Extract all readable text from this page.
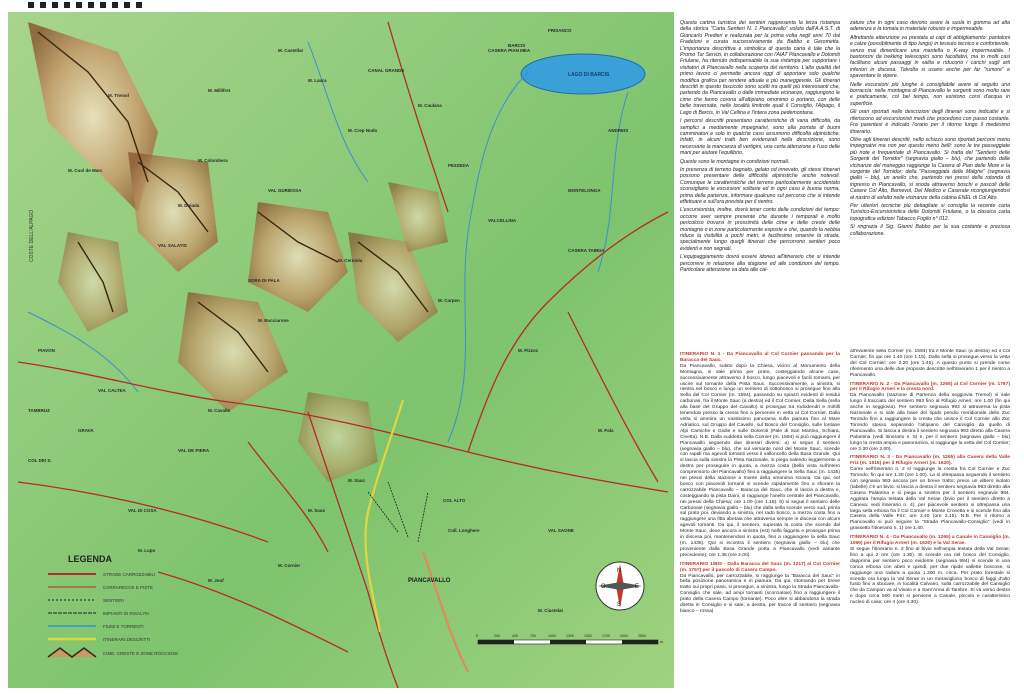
LAGO DI BARCIS
BARCIS
PIANCAVALLO
COL ALTO
ANDREIS
FRISANCO
PEZZEDA
PIAVON
TAMBRUZ
VALCELLINA
MONTELONGA
VAL SALATIS
VAL CALTEA
Coll. Longhere
M. Cavallo
M. Tremol
M. Castellat
M. Cornier
M. Saus
M. Colombera
M. Millifret
M. Laura
M. Caulana
M. Carpen
M. Pizzoc
M. Crep Nudo
M. Cuol de Marc
M. Ciastelat
M. Jouf
M. Lupo
M. Cerniola
M. Dolada
M. Bucciarone
M. Pala
M. Sauc
VAL DI COSA
VAL DE PIERA
CASERA TABEIA
VAL GURIESSA
CANAL GRANDE
SORA DI PALA
CASERA PIAN MEA
VAL SAONE
COL DEI S.
GRAVA
COSTE DELL'ALPAGO
LEGENDA
STRADE CARROZZABILI
CARRARECCE E PISTE
SENTIERI
IMPIANTI DI RISALITA
FIUMI E TORRENTI
ITINERARI DESCRITTI
CIME, CRESTE E ZONE ROCCIOSE
N
S
E
O
0	200	400	700	1000	1300	1500	1700	2000	2500
m.

Questa cartina turistica dei sentieri rappresenta la terza ristampa della storica "Carta Sentieri N. 1 Piancavallo" voluta dall'A.A.S.T. di Giancarlo Predieri e realizzata per la prima volta negli anni 70 dal Fradeloni e curata successivamente da Babbo e Gerometta. L'importanza descrittiva e simbolica di questa carta è tale che la Promo Tur Servizi, in collaborazione con l'AIAT Piancavallo e Dolomiti Friulane, ha ritenuto indispensabile la sua ristampa per supportare i visitatori di Piancavallo nella scoperta del territorio. L'alta qualità del primo lavoro ci permette ancora oggi di apportare solo qualche modifica grafica per rendere attuale e più maneggevole. Gli itinerari descritti in questo fascicolo sono scelti tra quelli più interessanti che, partendo da Piancavallo o dalle immediate vicinanze, raggiungono le cime che fanno corona all'altipiano omonimo o portano, con delle belle traversate, nelle località limitrofe quali il Consiglio, l'Alpago, il Lago di Barcis, in Val Cellina e l'intera zona pedemontana.

I percorsi descritti presentano caratteristiche di varia difficoltà, da semplici a mediamente impegnativi, sono alla portata di buoni camminatori e solo in qualche caso assumono difficoltà alpinistiche. Infatti, in alcuni tratti ben evidenziati nella descrizione, sono necessarie la mancanza di vertigini, una certa attenzione e l'uso delle mani per aiutare l'equilibrio.

Queste sono le montagne in condizioni normali.

In presenza di terreno bagnato, gelato od innevato, gli stessi itinerari possono presentare delle difficoltà alpinistiche anche notevoli. Comunque le caratteristiche del terreno particolarmente accidentato sconsigliano le escursioni solitarie ed in ogni caso è buona norma, prima della partenza, informare qualcuno sul percorso che si intende effettuare e sull'ora prevista per il rientro.

L'escursionista, inoltre, dovrà tener conto delle condizioni del tempo: occorre aver sempre presente che durante i temporali è molto pericoloso trovarsi in prossimità delle cime e delle creste delle montagne o in zone particolarmente esposte e che, quando la nebbia riduce la visibilità a pochi metri, è facilissimo smarrire la strada, specialmente lungo quegli itinerari che percorrono sentieri poco evidenti e non segnati.

L'equipaggiamento dovrà essere idoneo all'itinerario che si intende percorrere in relazione alla stagione ed alle condizioni del tempo. Particolare attenzione va data alle cal-

zature che in ogni caso devono avere la suola in gomma ad alta aderenza e la tomaia in materiale robusto e impermeabile.

Altrettanta attenzione va prestata ai capi di abbigliamento: pantaloni e calze (possibilmente di tipo lungo) in tessuto tecnico e confortevole, senza mai dimenticare una mantella o K-way impermeabile. I bastoncini da trekking telescopici sono facoltativi, ma in molti casi facilitano alcuni passaggi in salita e riducono i carichi sugli arti inferiori in discesa. Talvolta si usano anche per far "rumore" e spaventare le vipere.

Nelle escursioni più lunghe è consigliabile avere al seguito una borraccia: nella montagna di Piancavallo le sorgenti sono molto rare e praticamente, col bel tempo, non esistono corsi d'acqua in superficie.

Gli orari riportati nelle descrizioni degli itinerari sono indicativi e si riferiscono ad escursionisti medi che procedono con passo costante. Fra parentesi è indicato l'orario per il ritorno lungo il medesimo itinerario.

Oltre agli itinerari descritti, nello schizzo sono riportati percorsi meno impegnativi ma non per questo meno belli: sono le tre passeggiate più note e frequentate di Piancavallo. Si tratta del "Sentiero delle Sorgenti del Tornidor" (segnavia giallo – blu), che partendo dalle vicinanze del maneggio raggiunge la Casera di Pian delle More e la sorgente del Tornidor; della "Passeggiata delle Malghe" (segnavia giallo – blu), un anello che, partendo nei pressi della rotonda di ingresso in Piancavallo, si snoda attraverso boschi e pascoli delle Casere Col Alto, Barnevol, Del Medico e Caserate ricongiungendosi al nastro di asfalto nelle vicinanze della cabina ENEL di Col Alto.

Per ulteriori tecniche più dettagliate si consiglia la recente carta Turistico-Escursionistica delle Dolomiti Friulane, o la classica carta topografica edizioni Tabacco Foglio n° 012.

Si ringrazia il Sig. Gianni Babbo per la sua costante e preziosa collaborazione.

ITINERARIO N. 1 - Da Piancavallo al Col Cornier passando per la Baracca del Sauc.

Da Piancavallo, subito dopo la Chiesa, vicino al Monumento della Montagna, si sale prima per prato, costeggiando alcune case, successivamente attraverso il bosco, lungo piacevoli e facili tornanti, per uscire sul tornante della Pista Sauc. Successivamente, a sinistra, si rientra nel bosco e lungo un sentiero di sottobosco si prosegue fino alla Sella del Col Cornier (m. 1594), passando su spiazzi evidenti di residui carbonari, fra il Monte Sauc (a destra) ed il Col Cornier. Dalla Sella (sella alla base del Gruppo del Cavallo) si prosegue tra rododendri e mirtilli tenendosi presso la cresta fino a pervenire in vetta al Col Cornier. Dalla vetta si ammira un vastissimo panorama sulla pianura fino al Mare Adriatico, sul Gruppo del Cavallo, sul Bosco del Consiglio, sulle lontane Alpi Carniche e Giulie e sulle Dolomiti (Pale di San Martino, Schiara, Civetta). N.B. Dalla suddetta sella Cornier (m. 1594) si può raggiungere il Piancavallo seguendo due itinerari diversi: a) si segue il sentiero (segnavia giallo – blu), che sul versante nord del Monte Sauc, scende con rapidi ma agevoli tornanti verso il valloncello della Busa Grande. Qui si lascia sulla sinistra la Pista Nazionale, si piega salendo leggermente a destra per proseguire in quota, a mezza costa (bella vista sull'intero comprensorio del Piancavallo) fino a raggiungere la Sella Sauc (m. 1435) nei pressi della stazione a monte della omonima sciovia. Da qui, nel bosco con piacevoli tornanti si scende rapidamente fino a sfiorare la carrozzabile Piancavallo – Baracca del Sauc, che si lascia a destra e, costeggiando la pista Daini, si raggiunge l'anello centrale del Piancavallo, nei pressi della Chiesa; ore 1.00 (ore 1.15). b) si segue il sentiero delle Carbonaie (segnavia giallo – blu) che dalla sella scende verso sud, prima sul prato poi, deviando a sinistra, nel rado bosco, a mezza costa fino a raggiungere una fitta abetaia che attraversa sempre in discesa con alcuni agevoli tornanti. Da qui, il sentiero, superata la costa che scende dal Monte Sauc, deve ancora a sinistra (est) nella faggeta e prosegue prima in discesa poi, mantenendosi in quota, fino a raggiungere la sella Sauc (m. 1435). Qui si incontra il sentiero (segnavia giallo – blu) che proveniente dalla Busa Grande porta a Piancavallo (vedi variante precedente); ore 1.35 (ore 2.00).

ITINERARIO 1/BIS - Dalla Baracca del Sauc (m. 1217) al Col Cornier (m. 1767) per il pascolo di Casera Campo.

Da Piancavallo, per carrozzabile, si raggiunge la "Baracca del Sauc" in bella posizione panoramica e in pianura. Da qui, ritornando per breve tratto sui propri passi, si prosegue, a sinistra, lungo la Strada Piancavallo-Consiglio che sale, ad ampi tornanti (scorciatoie) fino a raggiungere il prato della Casera Campo (tornante). Poco oltre si abbandona la strada diretta in Consiglio e si sale, a destra, per tracce di sentiero (segnavia bianco – rossa)

all'evidente sella Cornier (m. 1594) fra il Monte Sauc (a destra) ed il Col Cornier; fin qui ore 1.40 (ore 1.15). Dalla sella si prosegue verso la vetta del Col Cornier; ore 2.20 (ore 1.45). A questo punto si prende come riferimento una delle due proposte descritte nell'itinerario 1 per il rientro a Piancavallo.

ITINERARIO N. 2 - Da Piancavallo (m. 1265) al Col Cornier (m. 1767) per il Rifugio Arneri e la cresta nord.

Da Piancavallo (stazione di Partenza della seggiovia Tremol) si sale lungo il tracciato del sentiero 993 fino al Rifugio Arneri; ore 1.00 (fin qui anche in seggiovia). Per sentiero segnavia 993 si attraversa la pista Nazionale e si sale alla base del ripido pendio meridionale dello Zuc Torondo fino a raggiungere la cresta che unisce il Col Cornier allo Zuc Torondo stesso separando l'altipiano del Cansiglio da quello di Piancavallo. Si lascia a destra il sentiero segnavia 993 diretto alla Casera Palantina (vedi itinerario n. 5) e, per il sentiero (segnavia giallo – blu) lungo la cresta ampia e panoramica, si raggiunge la vetta del Col Cornier; ore 2.30 (ore 2.00).

ITINERARIO N. 3 - Da Piancavallo (m. 1265) alla Casera della Valle Friz (m. 1515) per il Rifugio Arneri (m. 1620).

Come nell'itinerario n. 2 si raggiunge la cresta fra Col Cornier e Zuc Torondo; fin qui ore 1.30 (ore 1.00). La si oltrepassa seguendo il sentiero con segnavia 993 ancora per un breve tratto; preso un albero isolato (tabelle) c'è un bivio: si lascia a destra il sentiero segnavia 993 diretto alla Casera Palantina e si piega a sinistra per il sentiero segnavia 984. Aggirata l'ampia testata della Val Serae (bivio per il sentiero diretto a Caneva; vedi itinerario n. 4), per piacevole sentiero si oltrepassa una larga sella erbosa fra il Col Cornier e Monte Crosetta e si scende fino alla Casera della Valle Friz; ore 2.40 (ore 2.15). N.B. Per il ritorno a Piancavallo si può seguire la "Strada Piancavallo-Consiglio" (vedi in grassetto l'itinerario n. 1) ore 1.40.

ITINERARIO N. 4 - Da Piancavallo (m. 1265) a Canale in Cansiglio (m. 1069) per il Rifugio Arneri (m. 1620) e la Val Serae.

Si segue l'itinerario n. 3 fino al bivio nell'ampia testata della Val Serae; fino a qui 2 ore (ore 1.30). Si scende ora nel bosco del Consiglio, dapprima per sentiero poco evidente (segnavia 984) si scende in una conca erbosa con abeti e quindi, per due ripide vallette boscose, si raggiunge una radura a quota 1.300 m. circa. Per prato forestale si scende ora lungo la Val Serae in un meraviglioso bosco di faggi d'alto fusto fino a sbucare, in località Calvario, sulla carrozzabile del Cansiglio che da Campon va al Vivaio e a Sant'Anna di Tambre. Si va verso destra e dopo circa 500 metri si perviene a Canale, piccolo e caratteristico nucleo di case; ore 4 (ore 4.30).
